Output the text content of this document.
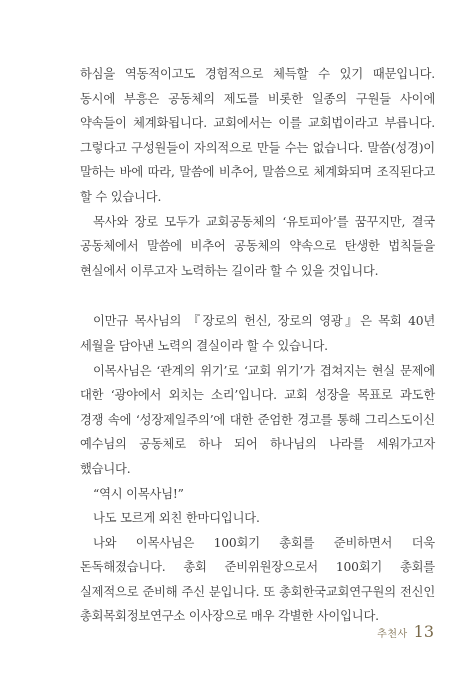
하심을 역동적이고도 경험적으로 체득할 수 있기 때문입니다. 동시에 부흥은 공동체의 제도를 비롯한 일종의 구원들 사이에 약속들이 체계화됩니다. 교회에서는 이를 교회법이라고 부릅니다. 그렇다고 구성원들이 자의적으로 만들 수는 없습니다. 말씀(성경)이 말하는 바에 따라, 말씀에 비추어, 말씀으로 체계화되며 조직된다고 할 수 있습니다.

목사와 장로 모두가 교회공동체의 ‘유토피아’를 꿈꾸지만, 결국 공동체에서 말씀에 비추어 공동체의 약속으로 탄생한 법칙들을 현실에서 이루고자 노력하는 길이라 할 수 있을 것입니다.

이만규 목사님의 『장로의 헌신, 장로의 영광』은 목회 40년 세월을 담아낸 노력의 결실이라 할 수 있습니다.

이목사님은 ‘관계의 위기’로 ‘교회 위기’가 겹쳐지는 현실 문제에 대한 ‘광야에서 외치는 소리’입니다. 교회 성장을 목표로 과도한 경쟁 속에 ‘성장제일주의’에 대한 준엄한 경고를 통해 그리스도이신 예수님의 공동체로 하나 되어 하나님의 나라를 세워가고자 했습니다.

“역시 이목사님!”

나도 모르게 외친 한마디입니다.

나와 이목사님은 100회기 총회를 준비하면서 더욱 돈독해졌습니다. 총회 준비위원장으로서 100회기 총회를 실제적으로 준비해 주신 분입니다. 또 총회한국교회연구원의 전신인 총회목회정보연구소 이사장으로 매우 각별한 사이입니다.

추천사 13
